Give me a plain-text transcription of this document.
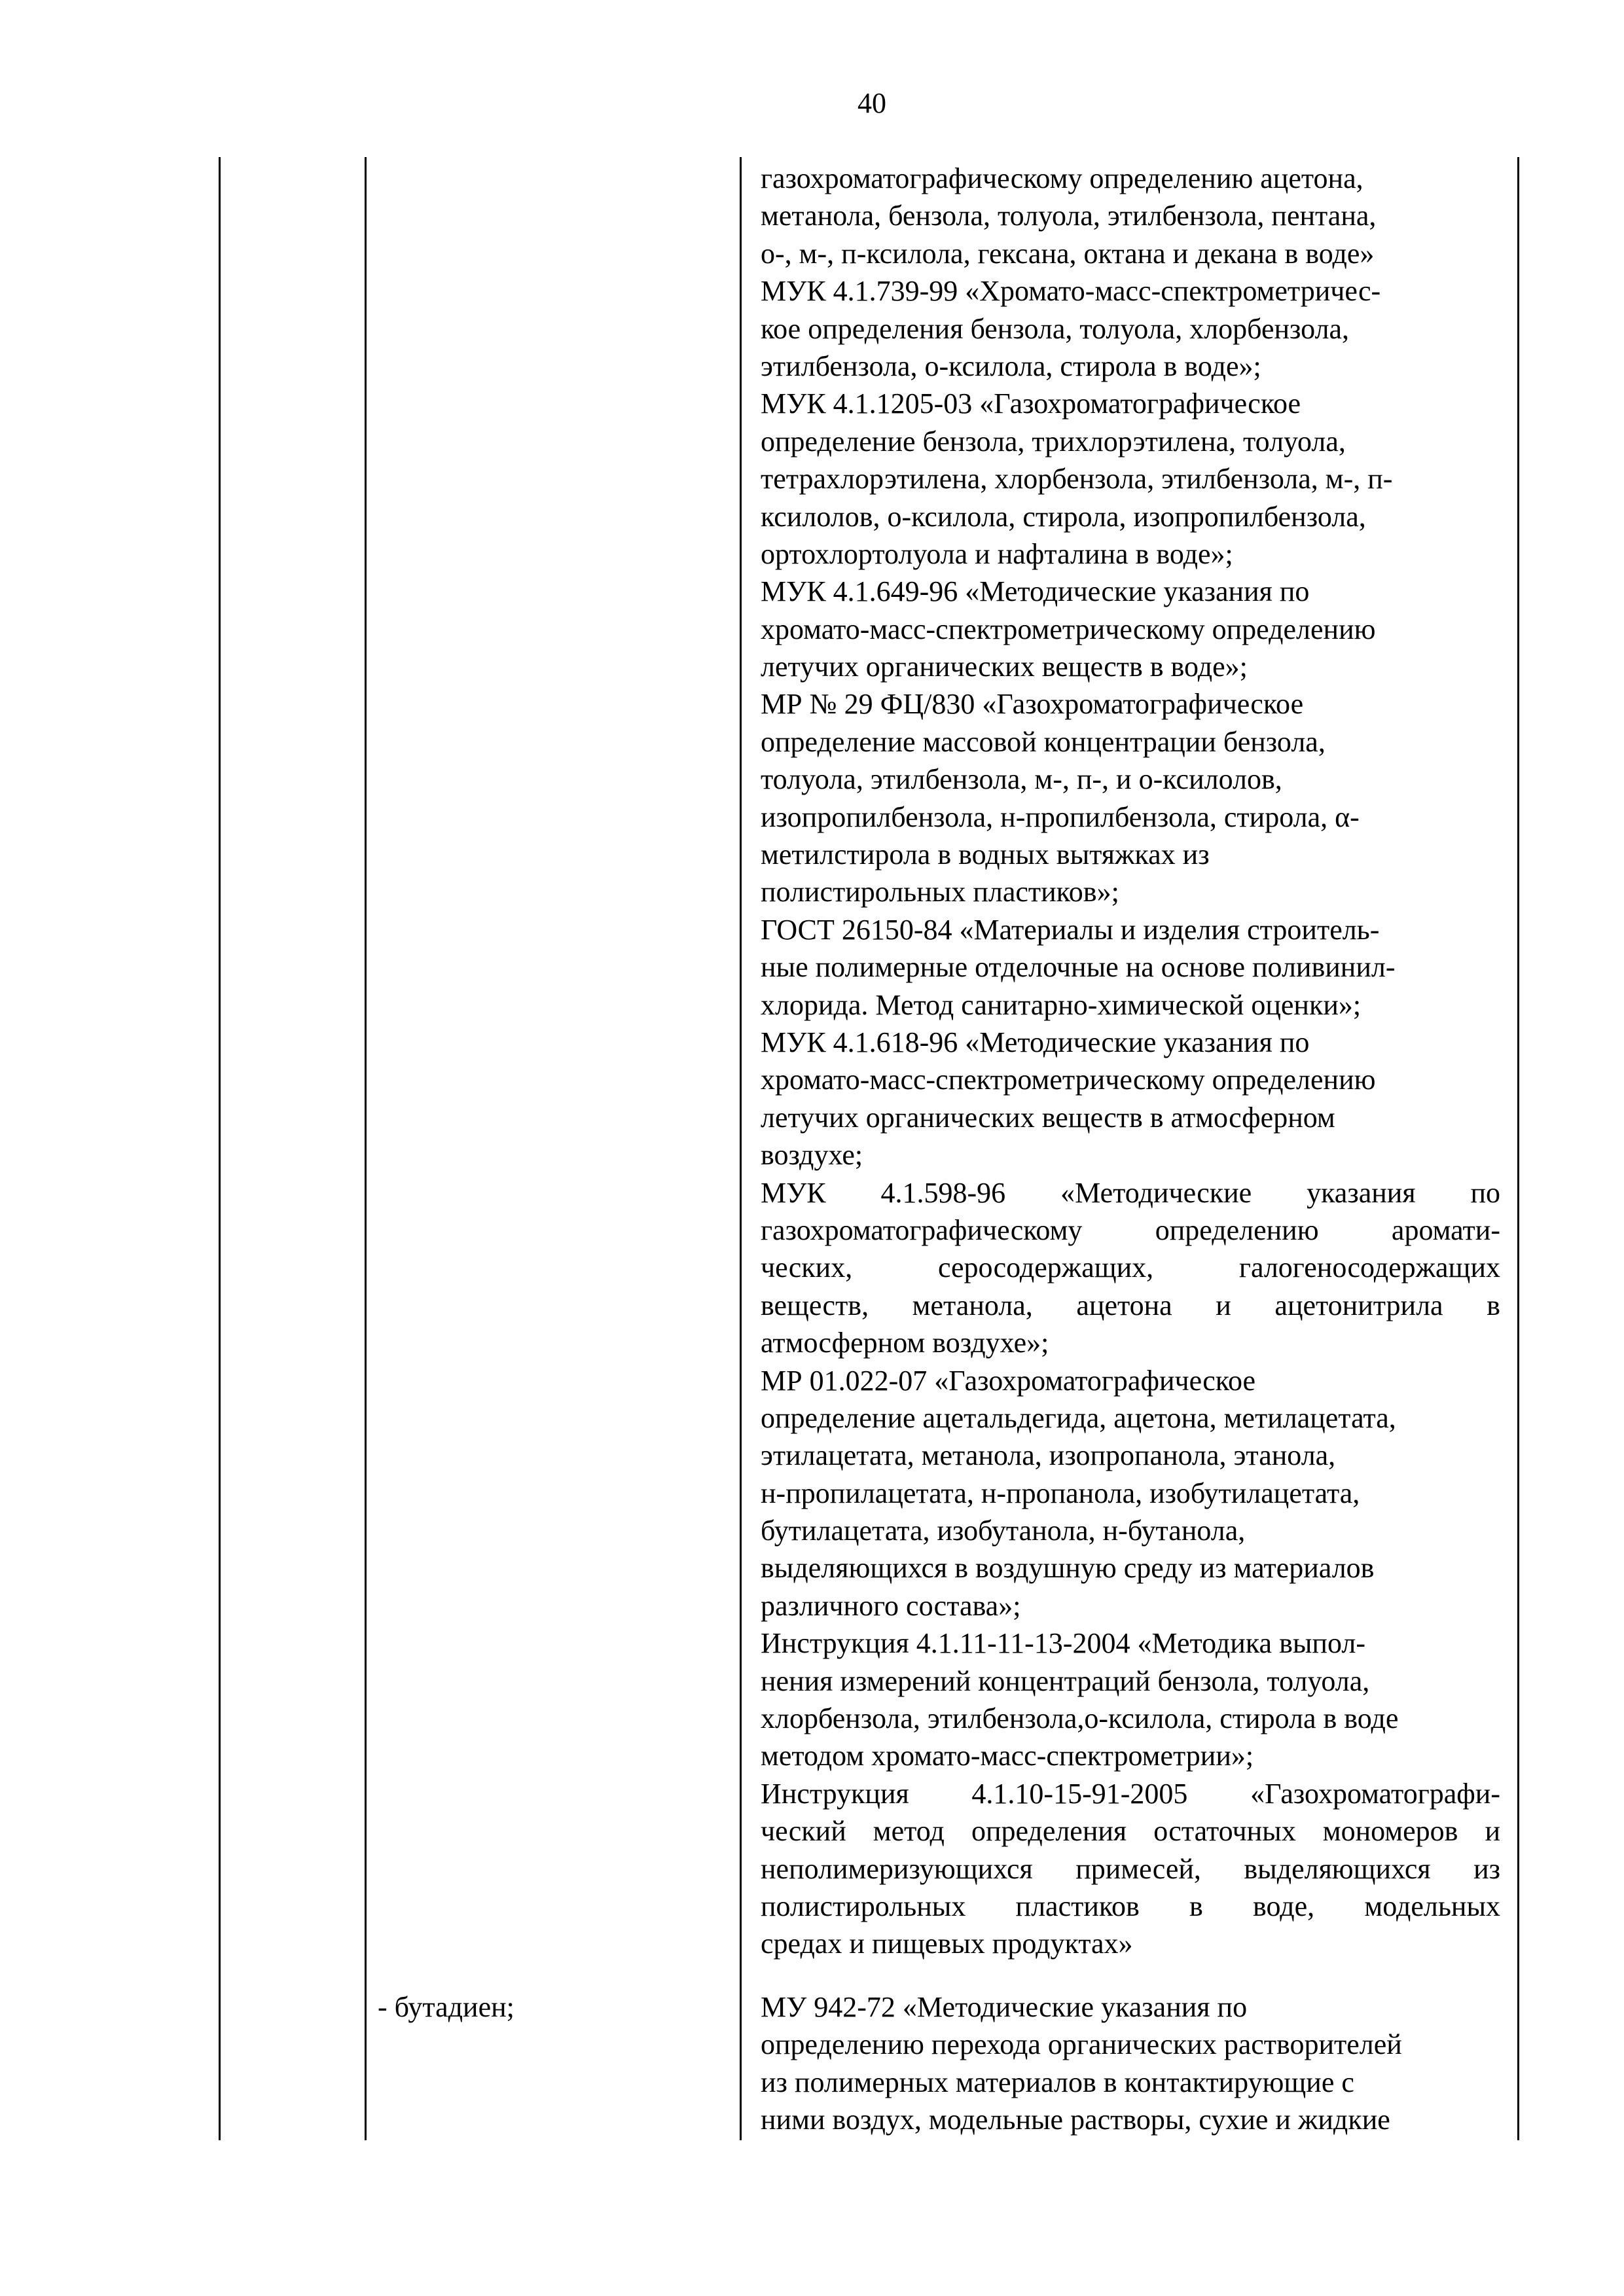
40
газохроматографическому определению ацетона,
метанола, бензола, толуола, этилбензола, пентана,
о-, м-, п-ксилола, гексана, октана и декана в воде»
МУК 4.1.739-99 «Хромато-масс-спектрометричес-
кое определения бензола, толуола, хлорбензола,
этилбензола, о-ксилола, стирола в воде»;
МУК 4.1.1205-03 «Газохроматографическое
определение бензола, трихлорэтилена, толуола,
тетрахлорэтилена, хлорбензола, этилбензола, м-, п-
ксилолов, о-ксилола, стирола, изопропилбензола,
ортохлортолуола и нафталина в воде»;
МУК 4.1.649-96 «Методические указания по
хромато-масс-спектрометрическому определению
летучих органических веществ в воде»;
МР № 29 ФЦ/830 «Газохроматографическое
определение массовой концентрации бензола,
толуола, этилбензола, м-, п-, и о-ксилолов,
изопропилбензола, н-пропилбензола, стирола, α-
метилстирола в водных вытяжках из
полистирольных пластиков»;
ГОСТ 26150-84 «Материалы и изделия строитель-
ные полимерные отделочные на основе поливинил-
хлорида. Метод санитарно-химической оценки»;
МУК 4.1.618-96 «Методические указания по
хромато-масс-спектрометрическому определению
летучих органических веществ в атмосферном
воздухе;
МУК 4.1.598-96 «Методические указания по
газохроматографическому	определению	аромати-
ческих,	серосодержащих,	галогеносодержащих
веществ, метанола, ацетона и ацетонитрила в
атмосферном воздухе»;
МР 01.022-07 «Газохроматографическое
определение ацетальдегида, ацетона, метилацетата,
этилацетата, метанола, изопропанола, этанола,
н-пропилацетата, н-пропанола, изобутилацетата,
бутилацетата, изобутанола, н-бутанола,
выделяющихся в воздушную среду из материалов
различного состава»;
Инструкция 4.1.11-11-13-2004 «Методика выпол-
нения измерений концентраций бензола, толуола,
хлорбензола, этилбензола,о-ксилола, стирола в воде
методом хромато-масс-спектрометрии»;
Инструкция 4.1.10-15-91-2005 «Газохроматографи-
ческий метод определения остаточных мономеров и
неполимеризующихся примесей, выделяющихся из
полистирольных пластиков в воде, модельных
средах и пищевых продуктах»
- бутадиен;	МУ 942-72 «Методические указания по
определению перехода органических растворителей
из полимерных материалов в контактирующие с
ними воздух, модельные растворы, сухие и жидкие
